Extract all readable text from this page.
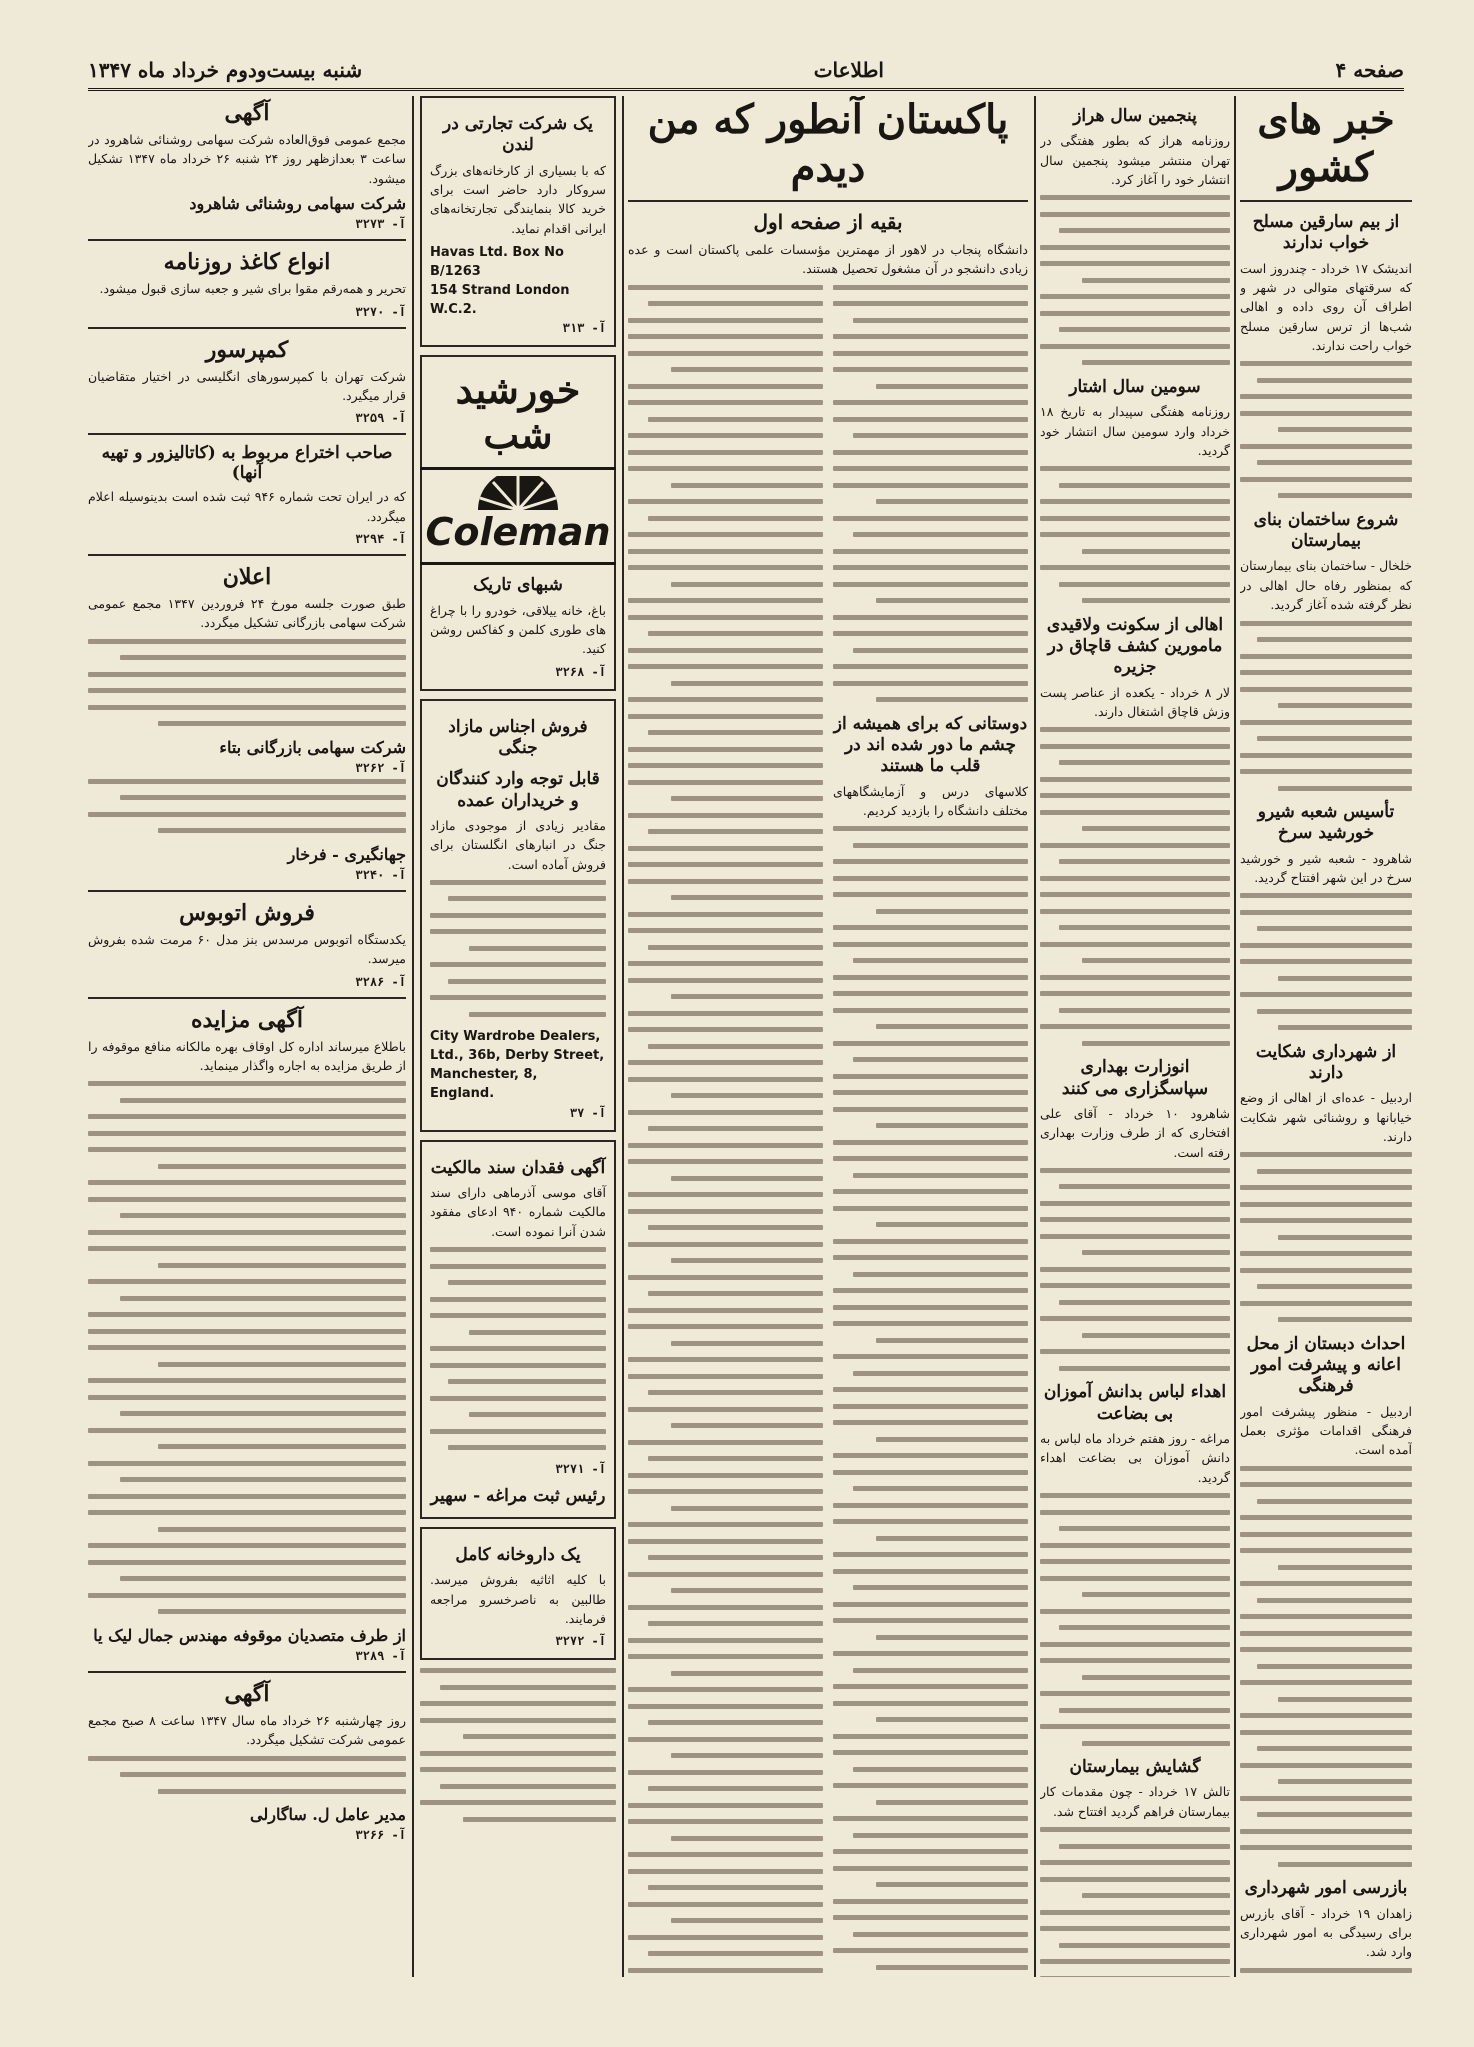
صفحه ۴
اطلاعات
شنبه بیست‌ودوم خرداد ماه ۱۳۴۷
خبر های کشور
از بیم سارقین مسلح خواب ندارند

اندیشک ۱۷ خرداد - چندروز است که سرقتهای متوالی در شهر و اطراف آن روی داده و اهالی شب‌ها از ترس سارقین مسلح خواب راحت ندارند.

شروع ساختمان بنای بیمارستان

خلخال - ساختمان بنای بیمارستان که بمنظور رفاه حال اهالی در نظر گرفته شده آغاز گردید.

تأسیس شعبه شیرو خورشید سرخ

شاهرود - شعبه شیر و خورشید سرخ در این شهر افتتاح گردید.

از شهرداری شکایت دارند

اردبیل - عده‌ای از اهالی از وضع خیابانها و روشنائی شهر شکایت دارند.

احداث دبستان از محل اعانه و پیشرفت امور فرهنگی

اردبیل - منظور پیشرفت امور فرهنگی اقدامات مؤثری بعمل آمده است.

بازرسی امور شهرداری

زاهدان ۱۹ خرداد - آقای بازرس برای رسیدگی به امور شهرداری وارد شد.

پنجمین سال هراز

روزنامه هراز که بطور هفتگی در تهران منتشر میشود پنجمین سال انتشار خود را آغاز کرد.

سومین سال اشتار

روزنامه هفتگی سپیدار به تاریخ ۱۸ خرداد وارد سومین سال انتشار خود گردید.

اهالی از سکونت ولاقیدی مامورین کشف قاچاق در جزیره

لار ۸ خرداد - یکعده از عناصر پست وزش قاچاق اشتغال دارند.

انوزارت بهداری سپاسگزاری می کنند

شاهرود ۱۰ خرداد - آقای علی افتخاری که از طرف وزارت بهداری رفته است.

اهداء لباس بدانش آموزان بی بضاعت

مراغه - روز هفتم خرداد ماه لباس به دانش آموزان بی بضاعت اهداء گردید.

گشایش بیمارستان

تالش ۱۷ خرداد - چون مقدمات کار بیمارستان فراهم گردید افتتاح شد.

پاکستان آنطور که من دیدم
بقیه از صفحه اول

دانشگاه پنجاب در لاهور از مهمترین مؤسسات علمی پاکستان است و عده زیادی دانشجو در آن مشغول تحصیل هستند.

دوستانی که برای همیشه از چشم ما دور شده اند در قلب ما هستند

کلاسهای درس و آزمایشگاههای مختلف دانشگاه را بازدید کردیم.

یک شرکت تجارتی در لندن

که با بسیاری از کارخانه‌های بزرگ سروکار دارد حاضر است برای خرید کالا بنمایندگی تجارتخانه‌های ایرانی اقدام نماید.

Havas Ltd. Box No B/1263
154 Strand London W.C.2.
آ- ۳۱۳
خورشید شب
Coleman
شبهای تاریک

باغ، خانه ییلاقی، خودرو را با چراغ های طوری کلمن و کفاکس روشن کنید.

آ- ۳۲۶۸
فروش اجناس مازاد جنگی
قابل توجه وارد کنندگان و خریداران عمده

مقادیر زیادی از موجودی مازاد جنگ در انبارهای انگلستان برای فروش آماده است.

City Wardrobe Dealers,
Ltd., 36b, Derby Street,
Manchester, 8, England.
آ- ۳۷
آگهی فقدان سند مالکیت

آقای موسی آذرماهی دارای سند مالکیت شماره ۹۴۰ ادعای مفقود شدن آنرا نموده است.

آ- ۳۲۷۱
رئیس ثبت مراغه - سهیر
یک داروخانه کامل

با کلیه اثاثیه بفروش میرسد. طالبین به ناصرخسرو مراجعه فرمایند.

آ- ۳۲۷۲
آگهی

مجمع عمومی فوق‌العاده شرکت سهامی روشنائی شاهرود در ساعت ۳ بعدازظهر روز ۲۴ شنبه ۲۶ خرداد ماه ۱۳۴۷ تشکیل میشود.

شرکت سهامی روشنائی شاهرود
آ- ۳۲۷۳
انواع کاغذ روزنامه

تحریر و همه‌رقم مقوا برای شیر و جعبه سازی قبول میشود.

آ- ۳۲۷۰
کمپرسور

شرکت تهران با کمپرسورهای انگلیسی در اختیار متقاضیان قرار میگیرد.

آ- ۳۲۵۹
صاحب اختراع مربوط به (کاتالیزور و تهیه آنها)

که در ایران تحت شماره ۹۴۶ ثبت شده است بدینوسیله اعلام میگردد.

آ- ۳۲۹۴
اعلان

طبق صورت جلسه مورخ ۲۴ فروردین ۱۳۴۷ مجمع عمومی شرکت سهامی بازرگانی تشکیل میگردد.

شرکت سهامی بازرگانی بتاء
آ- ۳۲۶۲
جهانگیری - فرخار
آ- ۳۲۴۰
فروش اتوبوس

یکدستگاه اتوبوس مرسدس بنز مدل ۶۰ مرمت شده بفروش میرسد.

آ- ۳۲۸۶
آگهی مزایده

باطلاع میرساند اداره کل اوقاف بهره مالکانه منافع موقوفه را از طریق مزایده به اجاره واگذار مینماید.

از طرف متصدیان موقوفه مهندس جمال لیک یا
آ- ۳۲۸۹
آگهی

روز چهارشنبه ۲۶ خرداد ماه سال ۱۳۴۷ ساعت ۸ صبح مجمع عمومی شرکت تشکیل میگردد.

مدیر عامل ل. ساگارلی
آ- ۳۲۶۶
